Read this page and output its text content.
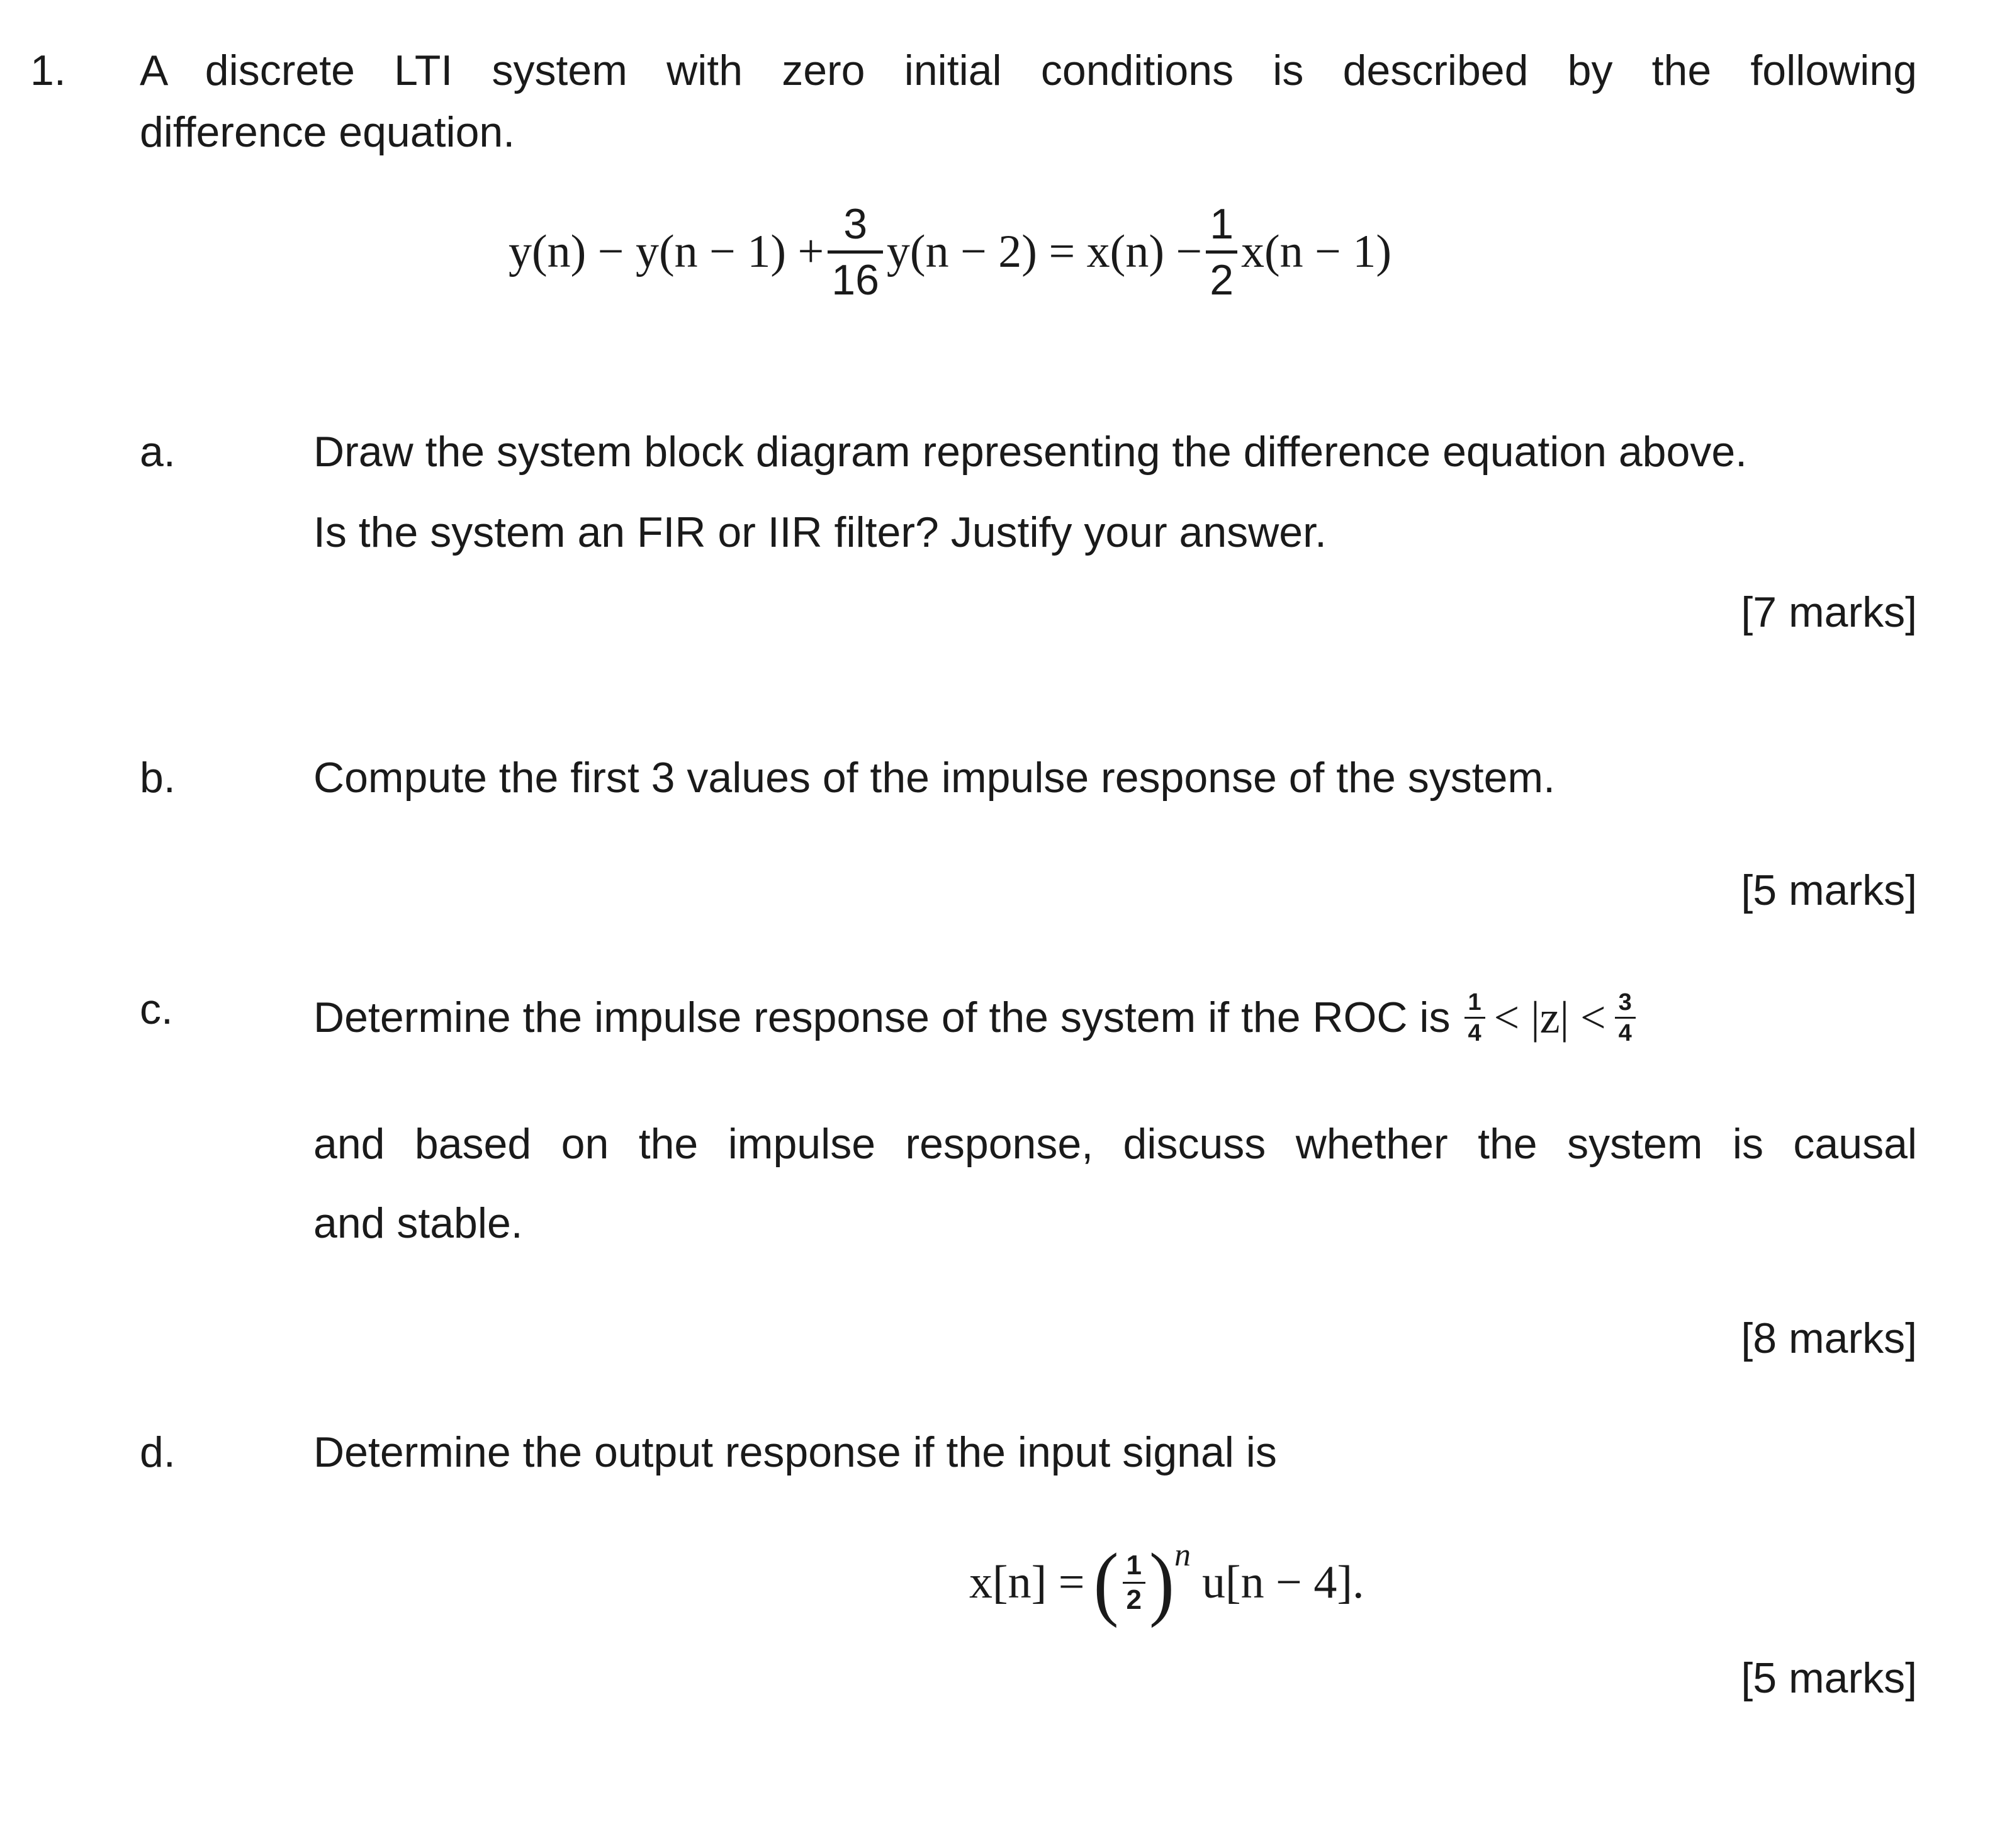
1. A discrete LTI system with zero initial conditions is described by the following
difference equation.
$y(n) - y(n - 1) + \frac{3}{16} y(n - 2) = x(n) - \frac{1}{2} x(n - 1)$
a.	Draw the system block diagram representing the difference equation above.
Is the system an FIR or IIR filter? Justify your answer.
[7 marks]
b.	Compute the first 3 values of the impulse response of the system.
[5 marks]
c.	Determine the impulse response of the system if the ROC is $\frac{1}{4} < |z| < \frac{3}{4}$
and based on the impulse response, discuss whether the system is causal
and stable.
[8 marks]
d.	Determine the output response if the input signal is
x[n] = ( $\frac{1}{2}$ ) n
u[n − 4].
[5 marks]
